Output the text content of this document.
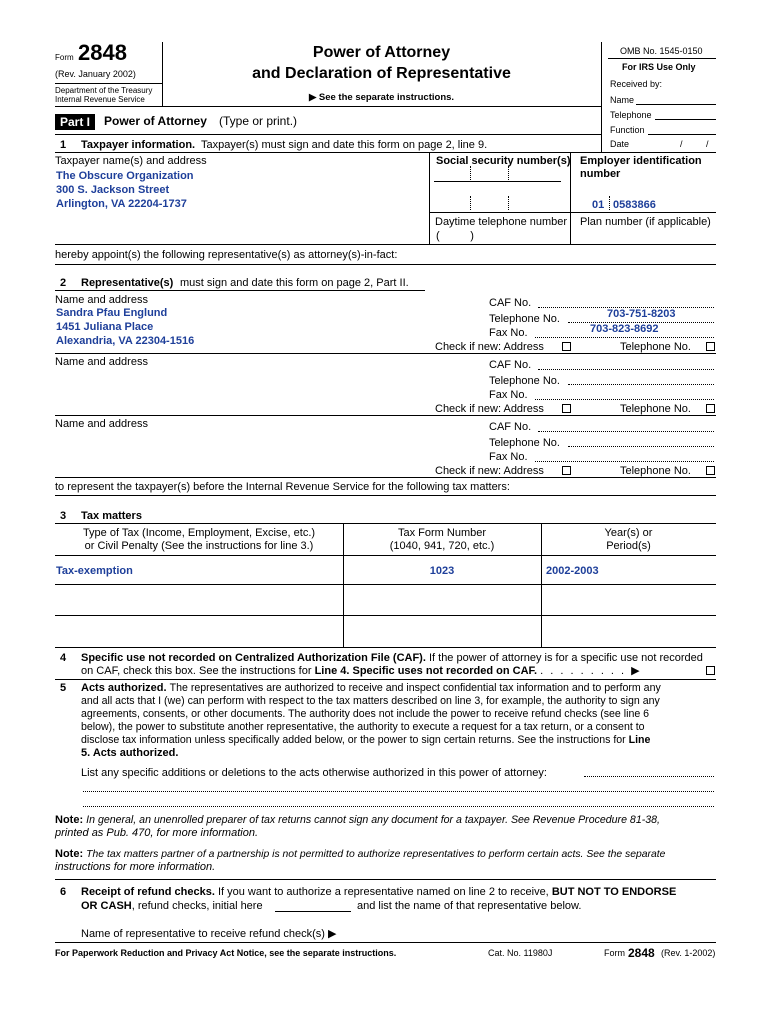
Form 2848
(Rev. January 2002)
Department of the Treasury
Internal Revenue Service
Power of Attorney
and Declaration of Representative
▶ See the separate instructions.
OMB No. 1545-0150
For IRS Use Only
Received by:
Name
Telephone
Function
Date	/	/
Part I	Power of Attorney (Type or print.)
1 Taxpayer information. Taxpayer(s) must sign and date this form on page 2, line 9.
Taxpayer name(s) and address
The Obscure Organization
300 S. Jackson Street
Arlington, VA 22204-1737
Social security number(s) Employer identification
number
01 0583866
Daytime telephone number
(          )
Plan number (if applicable)
hereby appoint(s) the following representative(s) as attorney(s)-in-fact:
2 Representative(s) must sign and date this form on page 2, Part II.
Name and address
Sandra Pfau Englund
1451 Juliana Place
Alexandria, VA 22304-1516
CAF No.
Telephone No.	703-751-8203
Fax No.	703-823-8692
Check if new: Address	Telephone No.
Name and address	CAF No.
Telephone No.
Fax No.
Check if new: Address	Telephone No.
Name and address	CAF No.
Telephone No.
Fax No.
Check if new: Address	Telephone No.
to represent the taxpayer(s) before the Internal Revenue Service for the following tax matters:
3 Tax matters
Type of Tax (Income, Employment, Excise, etc.)
or Civil Penalty (See the instructions for line 3.)
Tax Form Number
(1040, 941, 720, etc.)
Year(s) or
Period(s)
Tax-exemption	1023	2002-2003
4 Specific use not recorded on Centralized Authorization File (CAF). If the power of attorney is for a specific use not recorded
on CAF, check this box. See the instructions for Line 4. Specific uses not recorded on CAF. . . . . . . . . . ▶
5 Acts authorized. The representatives are authorized to receive and inspect confidential tax information and to perform any
and all acts that I (we) can perform with respect to the tax matters described on line 3, for example, the authority to sign any
agreements, consents, or other documents. The authority does not include the power to receive refund checks (see line 6
below), the power to substitute another representative, the authority to execute a request for a tax return, or a consent to
disclose tax information unless specifically added below, or the power to sign certain returns. See the instructions for Line
5. Acts authorized.
List any specific additions or deletions to the acts otherwise authorized in this power of attorney:
Note: In general, an unenrolled preparer of tax returns cannot sign any document for a taxpayer. See Revenue Procedure 81-38,
printed as Pub. 470, for more information.
Note: The tax matters partner of a partnership is not permitted to authorize representatives to perform certain acts. See the separate
instructions for more information.
6 Receipt of refund checks. If you want to authorize a representative named on line 2 to receive, BUT NOT TO ENDORSE
OR CASH, refund checks, initial here	and list the name of that representative below.
Name of representative to receive refund check(s) ▶
For Paperwork Reduction and Privacy Act Notice, see the separate instructions.	Cat. No. 11980J	Form 2848 (Rev. 1-2002)
